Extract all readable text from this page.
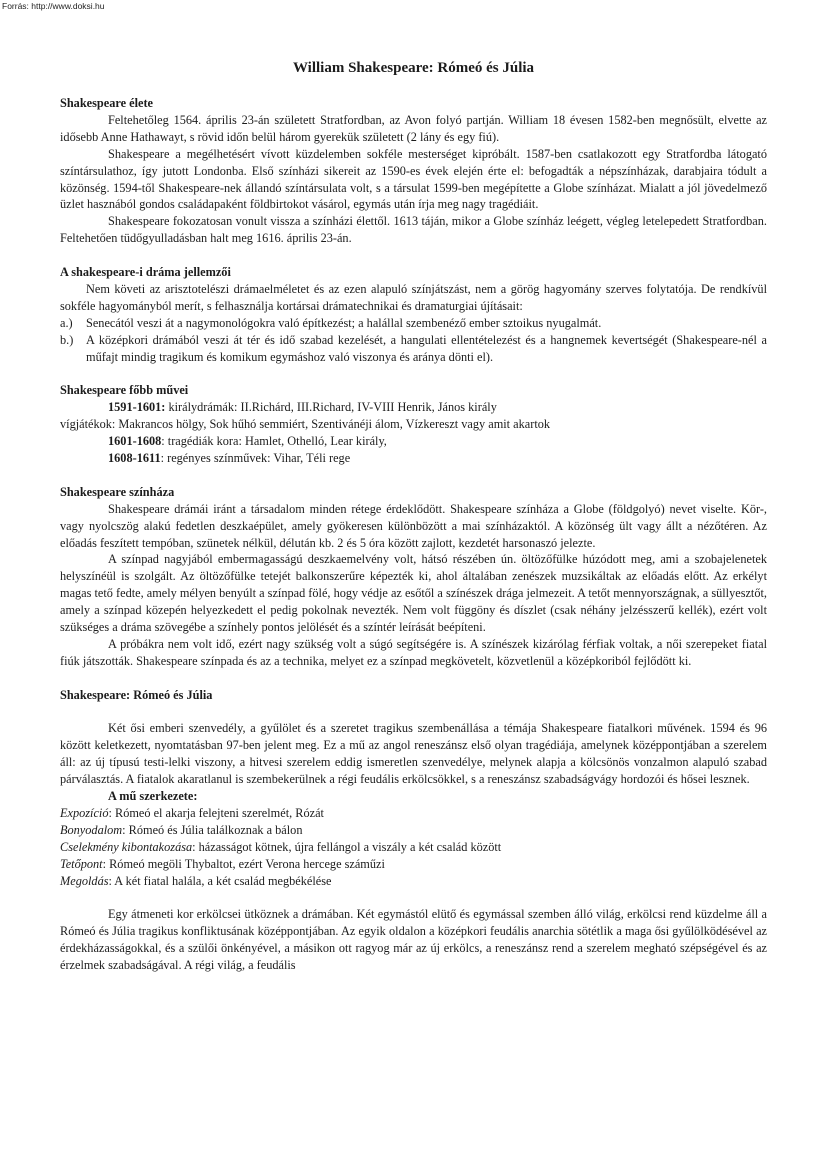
Forrás: http://www.doksi.hu
William Shakespeare: Rómeó és Júlia
Shakespeare élete

Feltehetőleg 1564. április 23-án született Stratfordban, az Avon folyó partján. William 18 évesen 1582-ben megnősült, elvette az idősebb Anne Hathawayt, s rövid időn belül három gyerekük született (2 lány és egy fiú).

Shakespeare a megélhetésért vívott küzdelemben sokféle mesterséget kipróbált. 1587-ben csatlakozott egy Stratfordba látogató színtársulathoz, így jutott Londonba. Első színházi sikereit az 1590-es évek elején érte el: befogadták a népszínházak, darabjaira tódult a közönség. 1594-től Shakespeare-nek állandó színtársulata volt, s a társulat 1599-ben megépítette a Globe színházat. Mialatt a jól jövedelmező üzlet hasznából gondos családapaként földbirtokot vásárol, egymás után írja meg nagy tragédiáit.

Shakespeare fokozatosan vonult vissza a színházi élettől. 1613 táján, mikor a Globe színház leégett, végleg letelepedett Stratfordban. Feltehetően tüdőgyulladásban halt meg 1616. április 23-án.

A shakespeare-i dráma jellemzői

Nem követi az arisztotelészi drámaelméletet és az ezen alapuló színjátszást, nem a görög hagyomány szerves folytatója. De rendkívül sokféle hagyományból merít, s felhasználja kortársai drámatechnikai és dramaturgiai újításait:

a.)	Senecától veszi át a nagymonológokra való építkezést; a halállal szembenéző ember sztoikus nyugalmát.
b.)	A középkori drámából veszi át tér és idő szabad kezelését, a hangulati ellentételezést és a hangnemek kevertségét (Shakespeare-nél a műfajt mindig tragikum és komikum egymáshoz való viszonya és aránya dönti el).
Shakespeare főbb művei

1591-1601: királydrámák: II.Richárd, III.Richard, IV-VIII Henrik, János király

vígjátékok: Makrancos hölgy, Sok hűhó semmiért, Szentivánéji álom, Vízkereszt vagy amit akartok

1601-1608: tragédiák kora: Hamlet, Othelló, Lear király,

1608-1611: regényes színművek: Vihar, Téli rege

Shakespeare színháza

Shakespeare drámái iránt a társadalom minden rétege érdeklődött. Shakespeare színháza a Globe (földgolyó) nevet viselte. Kör-, vagy nyolcszög alakú fedetlen deszkaépület, amely gyökeresen különbözött a mai színházaktól. A közönség ült vagy állt a nézőtéren. Az előadás feszített tempóban, szünetek nélkül, délután kb. 2 és 5 óra között zajlott, kezdetét harsonaszó jelezte.

A színpad nagyjából embermagasságú deszkaemelvény volt, hátsó részében ún. öltözőfülke húzódott meg, ami a szobajelenetek helyszínéül is szolgált. Az öltözőfülke tetejét balkonszerűre képezték ki, ahol általában zenészek muzsikáltak az előadás előtt. Az erkélyt magas tető fedte, amely mélyen benyúlt a színpad fölé, hogy védje az esőtől a színészek drága jelmezeit. A tetőt mennyországnak, a süllyesztőt, amely a színpad közepén helyezkedett el pedig pokolnak nevezték. Nem volt függöny és díszlet (csak néhány jelzésszerű kellék), ezért volt szükséges a dráma szövegébe a színhely pontos jelölését és a színtér leírását beépíteni.

A próbákra nem volt idő, ezért nagy szükség volt a súgó segítségére is. A színészek kizárólag férfiak voltak, a női szerepeket fiatal fiúk játszották. Shakespeare színpada és az a technika, melyet ez a színpad megkövetelt, közvetlenül a középkoriból fejlődött ki.

Shakespeare: Rómeó és Júlia

Két ősi emberi szenvedély, a gyűlölet és a szeretet tragikus szembenállása a témája Shakespeare fiatalkori művének. 1594 és 96 között keletkezett, nyomtatásban 97-ben jelent meg. Ez a mű az angol reneszánsz első olyan tragédiája, amelynek középpontjában a szerelem áll: az új típusú testi-lelki viszony, a hitvesi szerelem eddig ismeretlen szenvedélye, melynek alapja a kölcsönös vonzalmon alapuló szabad párválasztás. A fiatalok akaratlanul is szembekerülnek a régi feudális erkölcsökkel, s a reneszánsz szabadságvágy hordozói és hősei lesznek.

A mű szerkezete:

Expozíció: Rómeó el akarja felejteni szerelmét, Rózát

Bonyodalom: Rómeó és Júlia találkoznak a bálon

Cselekmény kibontakozása: házasságot kötnek, újra fellángol a viszály a két család között

Tetőpont: Rómeó megöli Thybaltot, ezért Verona hercege száműzi

Megoldás: A két fiatal halála, a két család megbékélése

Egy átmeneti kor erkölcsei ütköznek a drámában. Két egymástól elütő és egymással szemben álló világ, erkölcsi rend küzdelme áll a Rómeó és Júlia tragikus konfliktusának középpontjában. Az egyik oldalon a középkori feudális anarchia sötétlik a maga ősi gyűlölködésével az érdekházasságokkal, és a szülői önkényével, a másikon ott ragyog már az új erkölcs, a reneszánsz rend a szerelem megható szépségével és az érzelmek szabadságával. A régi világ, a feudális
